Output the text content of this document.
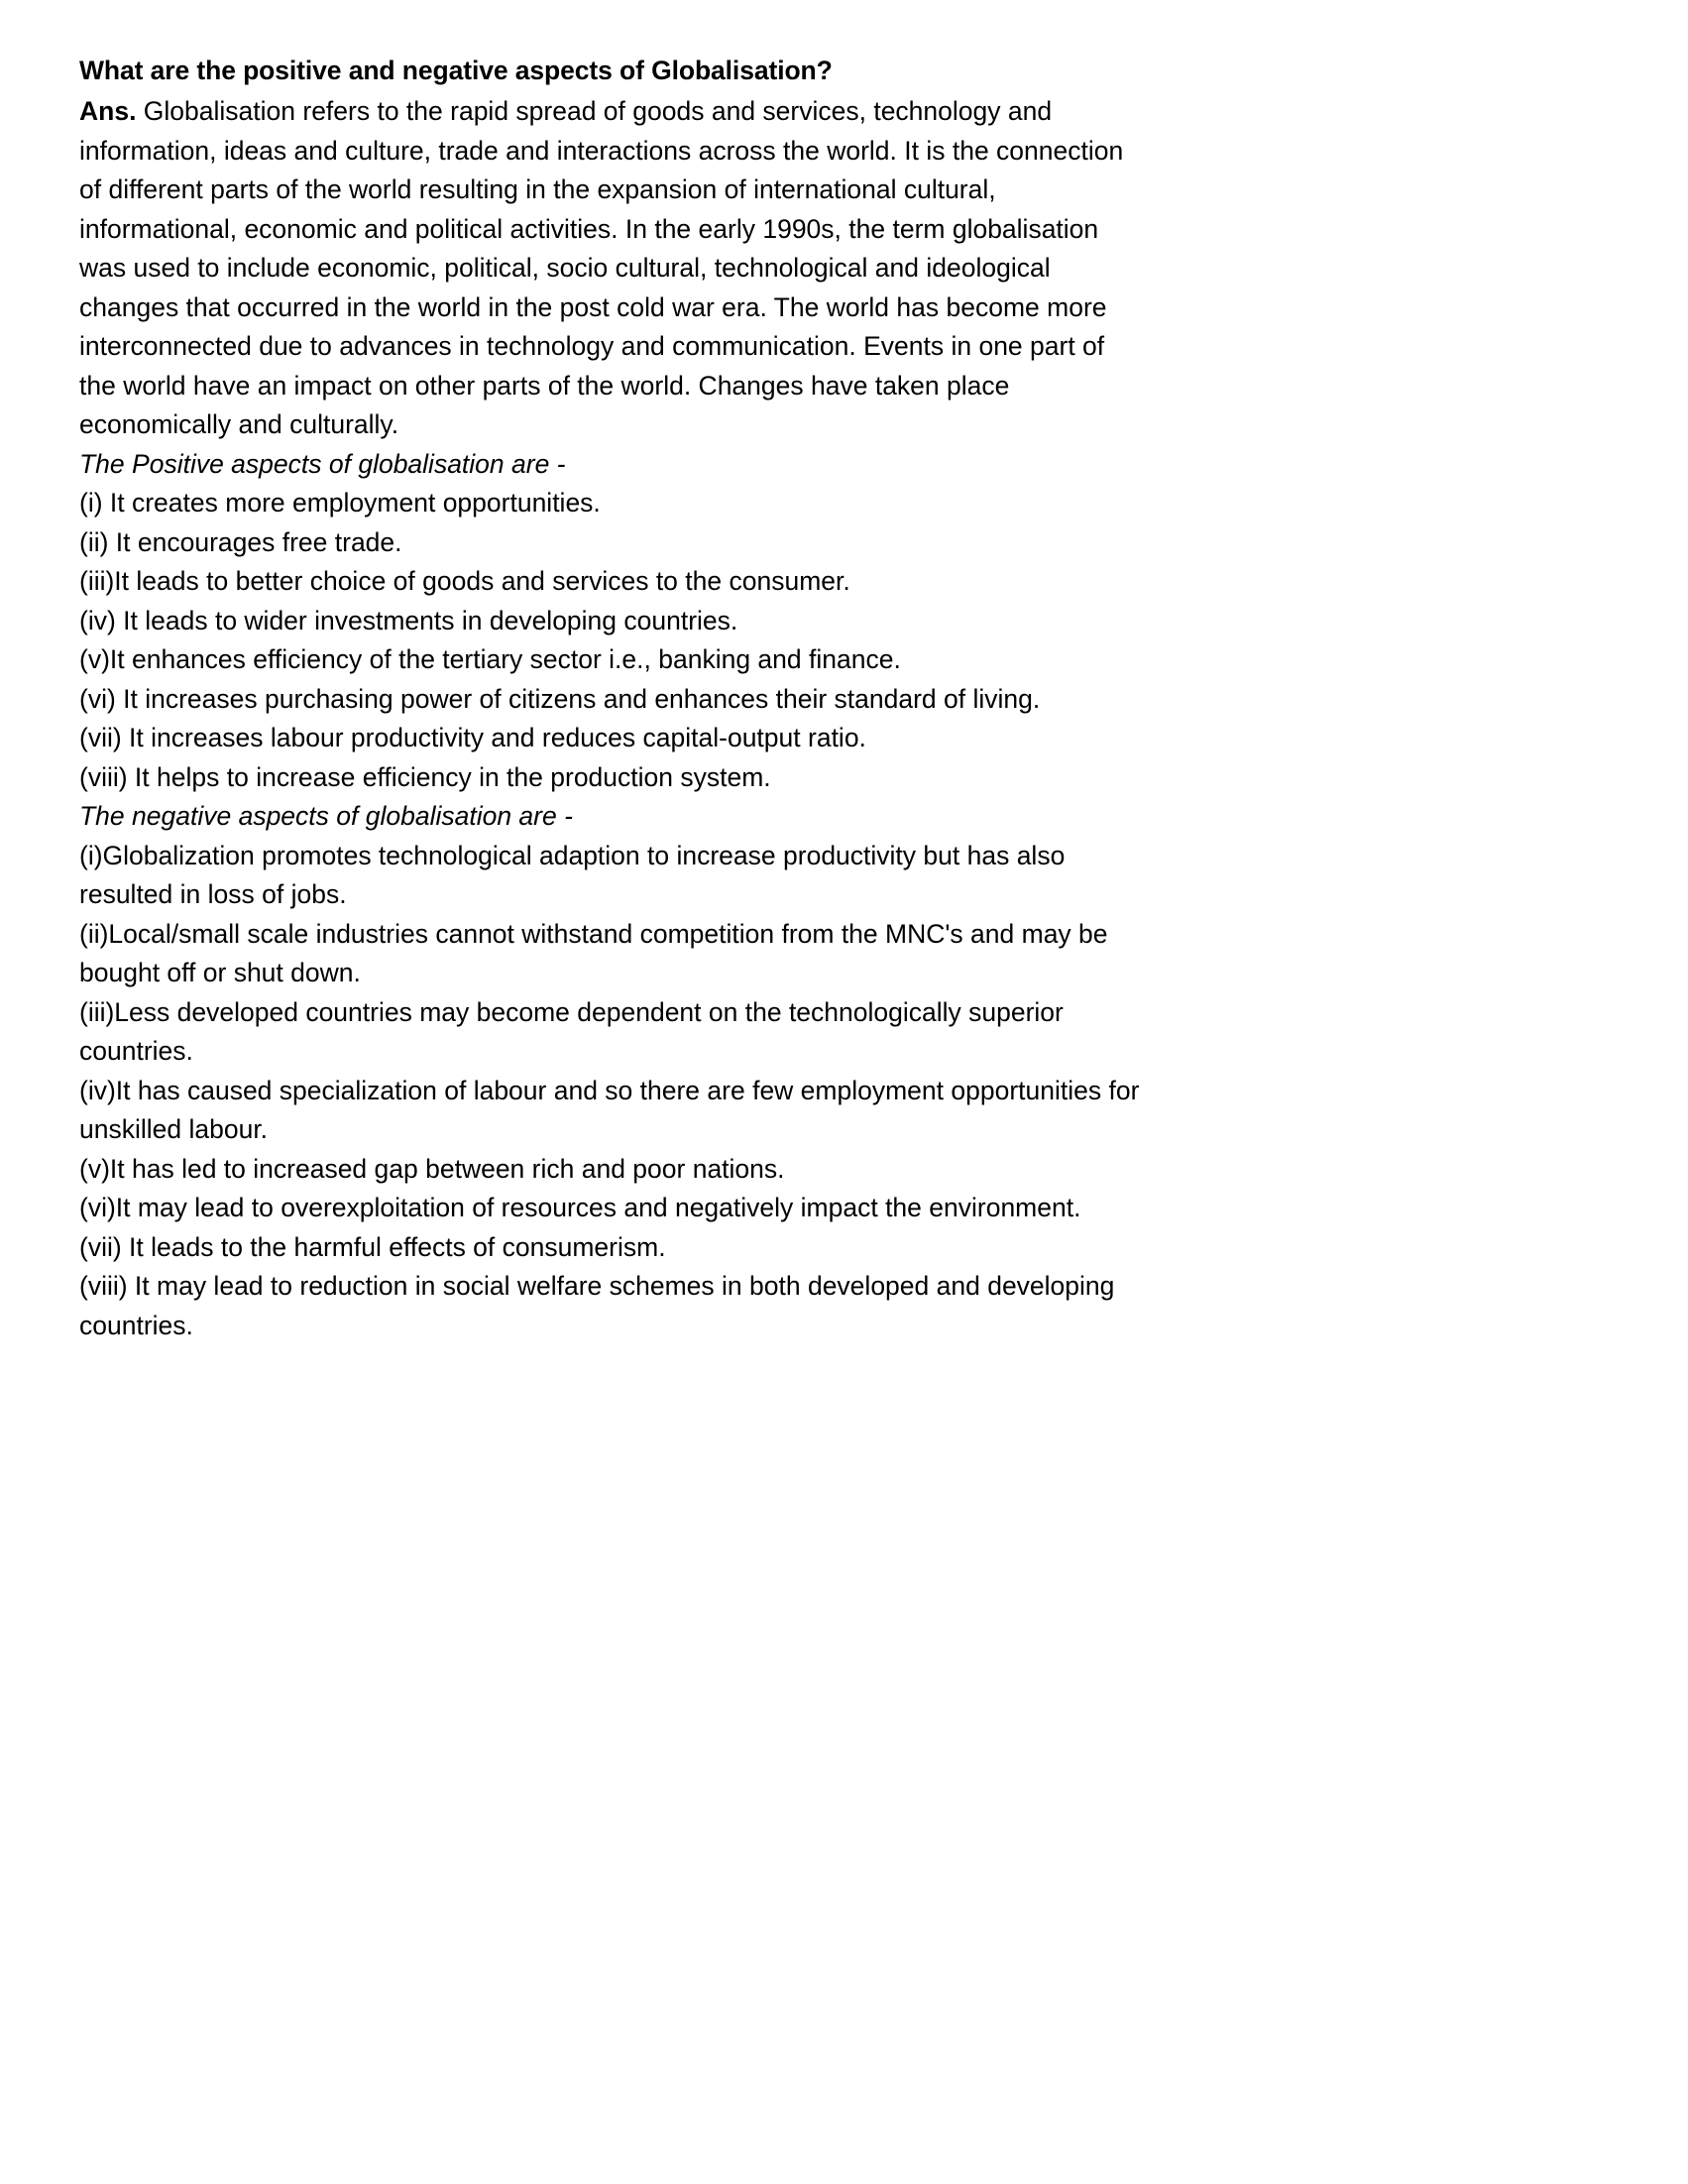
What are the positive and negative aspects of Globalisation?

Ans. Globalisation refers to the rapid spread of goods and services, technology and information, ideas and culture, trade and interactions across the world. It is the connection of different parts of the world resulting in the expansion of international cultural, informational, economic and political activities. In the early 1990s, the term globalisation was used to include economic, political, socio cultural, technological and ideological changes that occurred in the world in the post cold war era. The world has become more interconnected due to advances in technology and communication. Events in one part of the world have an impact on other parts of the world. Changes have taken place economically and culturally.

The Positive aspects of globalisation are -

(i) It creates more employment opportunities.

(ii) It encourages free trade.

(iii)It leads to better choice of goods and services to the consumer.

(iv) It leads to wider investments in developing countries.

(v)It enhances efficiency of the tertiary sector i.e., banking and finance.

(vi) It increases purchasing power of citizens and enhances their standard of living.

(vii) It increases labour productivity and reduces capital-output ratio.

(viii) It helps to increase efficiency in the production system.

The negative aspects of globalisation are -

(i)Globalization promotes technological adaption to increase productivity but has also resulted in loss of jobs.

(ii)Local/small scale industries cannot withstand competition from the MNC's and may be bought off or shut down.

(iii)Less developed countries may become dependent on the technologically superior countries.

(iv)It has caused specialization of labour and so there are few employment opportunities for unskilled labour.

(v)It has led to increased gap between rich and poor nations.

(vi)It may lead to overexploitation of resources and negatively impact the environment.

(vii) It leads to the harmful effects of consumerism.

(viii) It may lead to reduction in social welfare schemes in both developed and developing countries.
